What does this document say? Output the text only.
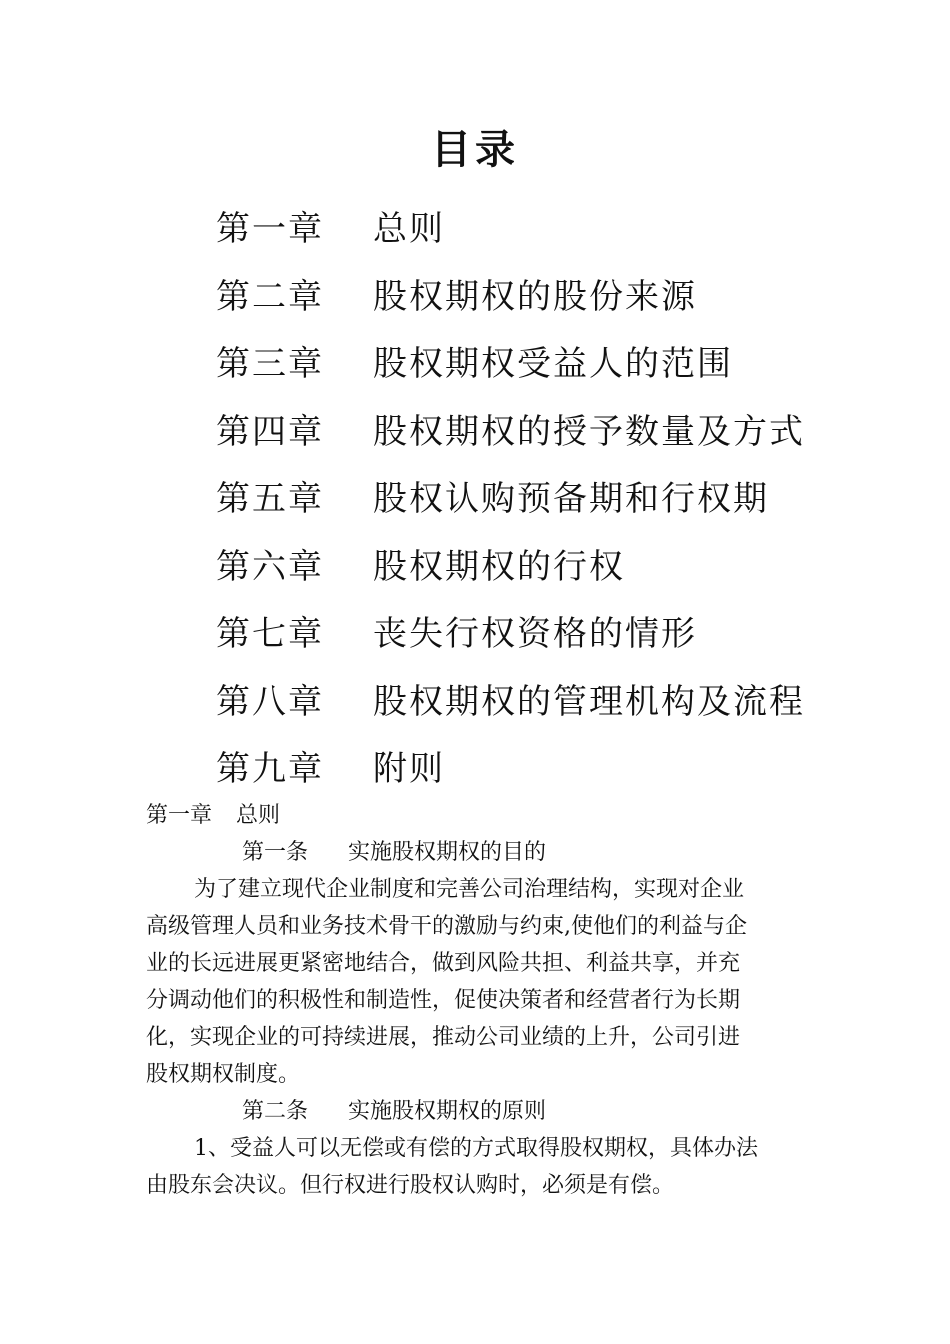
目录
第一章	总则
第二章	股权期权的股份来源
第三章	股权期权受益人的范围
第四章	股权期权的授予数量及方式
第五章	股权认购预备期和行权期
第六章	股权期权的行权
第七章	丧失行权资格的情形
第八章	股权期权的管理机构及流程
第九章	附则
第一章 总则
第一条 实施股权期权的目的
为了建立现代企业制度和完善公司治理结构，实现对企业
高级管理人员和业务技术骨干的激励与约束,使他们的利益与企
业的长远进展更紧密地结合，做到风险共担、利益共享，并充
分调动他们的积极性和制造性，促使决策者和经营者行为长期
化，实现企业的可持续进展，推动公司业绩的上升，公司引进
股权期权制度。
第二条 实施股权期权的原则
1、受益人可以无偿或有偿的方式取得股权期权，具体办法
由股东会决议。但行权进行股权认购时，必须是有偿。
